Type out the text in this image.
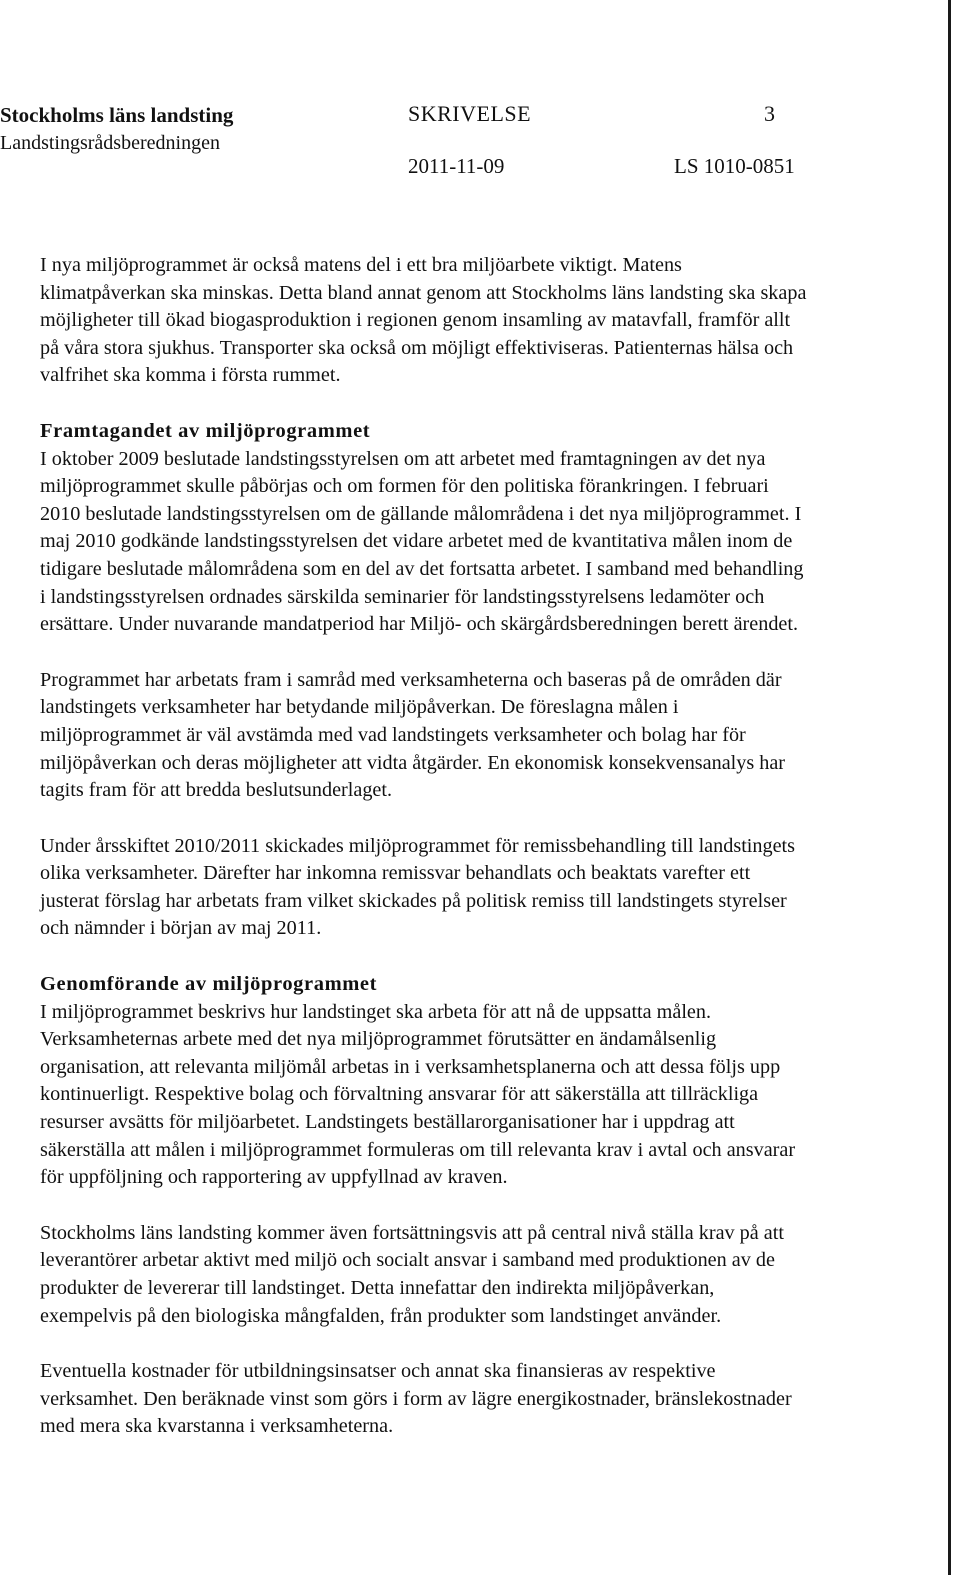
Stockholms läns landsting
Landstingsrådsberedningen
SKRIVELSE	3
2011-11-09	LS 1010-0851

I nya miljöprogrammet är också matens del i ett bra miljöarbete viktigt. Matens klimatpåverkan ska minskas. Detta bland annat genom att Stockholms läns landsting ska skapa möjligheter till ökad biogasproduktion i regionen genom insamling av matavfall, framför allt på våra stora sjukhus. Transporter ska också om möjligt effektiviseras. Patienternas hälsa och valfrihet ska komma i första rummet.

Framtagandet av miljöprogrammet

I oktober 2009 beslutade landstingsstyrelsen om att arbetet med framtagningen av det nya miljöprogrammet skulle påbörjas och om formen för den politiska förankringen. I februari 2010 beslutade landstingsstyrelsen om de gällande målområdena i det nya miljöprogrammet. I maj 2010 godkände landstingsstyrelsen det vidare arbetet med de kvantitativa målen inom de tidigare beslutade målområdena som en del av det fortsatta arbetet. I samband med behandling i landstingsstyrelsen ordnades särskilda seminarier för landstingsstyrelsens ledamöter och ersättare. Under nuvarande mandatperiod har Miljö- och skärgårdsberedningen berett ärendet.

Programmet har arbetats fram i samråd med verksamheterna och baseras på de områden där landstingets verksamheter har betydande miljöpåverkan. De föreslagna målen i miljöprogrammet är väl avstämda med vad landstingets verksamheter och bolag har för miljöpåverkan och deras möjligheter att vidta åtgärder. En ekonomisk konsekvensanalys har tagits fram för att bredda beslutsunderlaget.

Under årsskiftet 2010/2011 skickades miljöprogrammet för remissbehandling till landstingets olika verksamheter. Därefter har inkomna remissvar behandlats och beaktats varefter ett justerat förslag har arbetats fram vilket skickades på politisk remiss till landstingets styrelser och nämnder i början av maj 2011.

Genomförande av miljöprogrammet

I miljöprogrammet beskrivs hur landstinget ska arbeta för att nå de uppsatta målen. Verksamheternas arbete med det nya miljöprogrammet förutsätter en ändamålsenlig organisation, att relevanta miljömål arbetas in i verksamhetsplanerna och att dessa följs upp kontinuerligt. Respektive bolag och förvaltning ansvarar för att säkerställa att tillräckliga resurser avsätts för miljöarbetet. Landstingets beställarorganisationer har i uppdrag att säkerställa att målen i miljöprogrammet formuleras om till relevanta krav i avtal och ansvarar för uppföljning och rapportering av uppfyllnad av kraven.

Stockholms läns landsting kommer även fortsättningsvis att på central nivå ställa krav på att leverantörer arbetar aktivt med miljö och socialt ansvar i samband med produktionen av de produkter de levererar till landstinget. Detta innefattar den indirekta miljöpåverkan, exempelvis på den biologiska mångfalden, från produkter som landstinget använder.

Eventuella kostnader för utbildningsinsatser och annat ska finansieras av respektive verksamhet. Den beräknade vinst som görs i form av lägre energikostnader, bränslekostnader med mera ska kvarstanna i verksamheterna.
